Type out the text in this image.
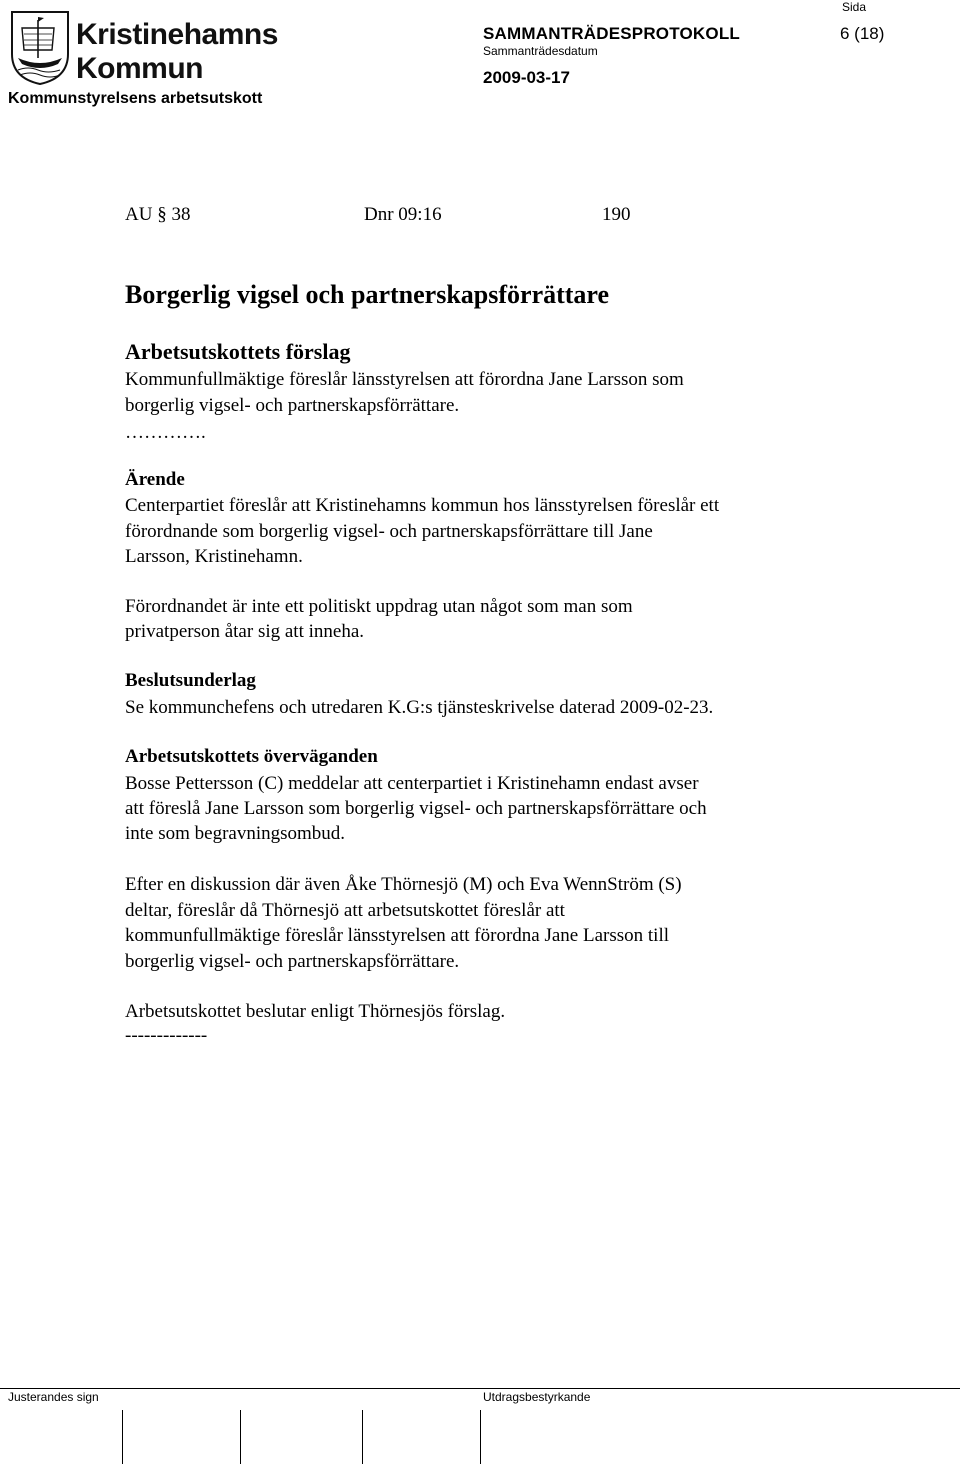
Kristinehamns
Kommun
Kommunstyrelsens arbetsutskott
SAMMANTRÄDESPROTOKOLL
Sammanträdesdatum
2009-03-17
Sida
6 (18)
AU § 38	Dnr 09:16	190
Borgerlig vigsel och partnerskapsförrättare
Arbetsutskottets förslag
Kommunfullmäktige föreslår länsstyrelsen att förordna Jane Larsson som
borgerlig vigsel- och partnerskapsförrättare.
………….
Ärende
Centerpartiet föreslår att Kristinehamns kommun hos länsstyrelsen föreslår ett
förordnande som borgerlig vigsel- och partnerskapsförrättare till Jane
Larsson, Kristinehamn.
Förordnandet är inte ett politiskt uppdrag utan något som man som
privatperson åtar sig att inneha.
Beslutsunderlag
Se kommunchefens och utredaren K.G:s tjänsteskrivelse daterad 2009-02-23.
Arbetsutskottets överväganden
Bosse Pettersson (C) meddelar att centerpartiet i Kristinehamn endast avser
att föreslå Jane Larsson som borgerlig vigsel- och partnerskapsförrättare och
inte som begravningsombud.
Efter en diskussion där även Åke Thörnesjö (M) och Eva WennStröm (S)
deltar, föreslår då Thörnesjö att arbetsutskottet föreslår att
kommunfullmäktige föreslår länsstyrelsen att förordna Jane Larsson till
borgerlig vigsel- och partnerskapsförrättare.
Arbetsutskottet beslutar enligt Thörnesjös förslag.
-------------
Justerandes sign	Utdragsbestyrkande
